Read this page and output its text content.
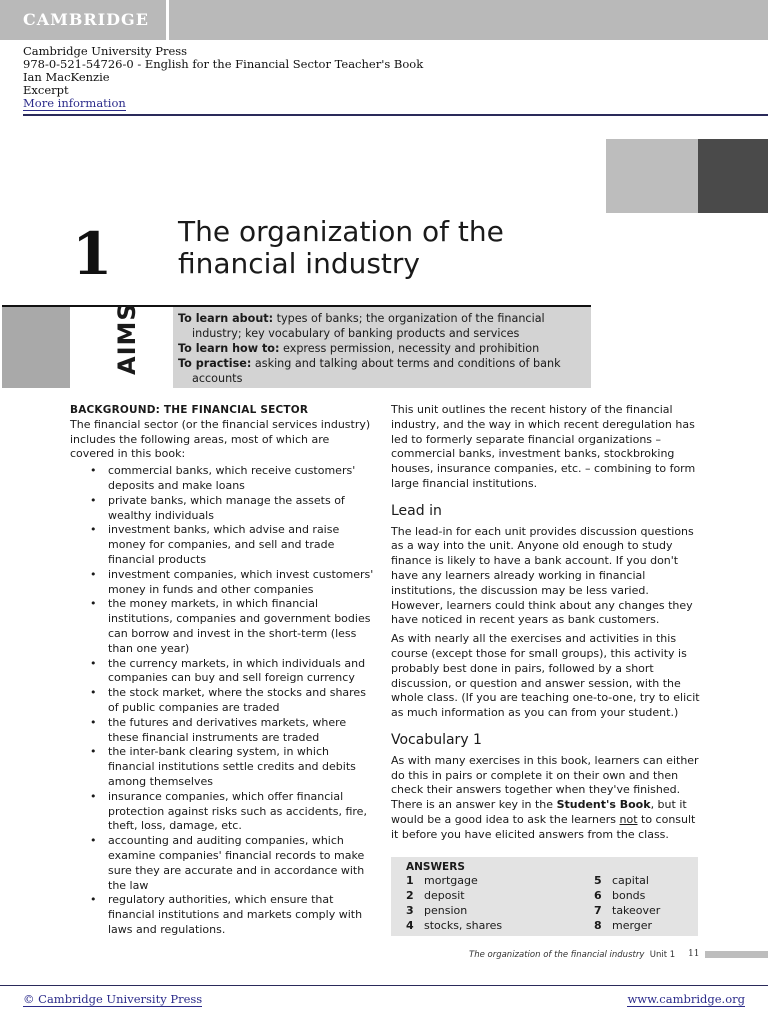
CAMBRIDGE
Cambridge University Press
978-0-521-54726-0 - English for the Financial Sector Teacher's Book
Ian MacKenzie
Excerpt
More information
1 The organization of the financial industry
AIMS	To learn about: types of banks; the organization of the financial industry; key vocabulary of banking products and services

To learn how to: express permission, necessity and prohibition

To practise: asking and talking about terms and conditions of bank accounts

BACKGROUND: THE FINANCIAL SECTOR

The financial sector (or the financial services industry) includes the following areas, most of which are covered in this book:

• commercial banks, which receive customers' deposits and make loans
• private banks, which manage the assets of wealthy individuals
• investment banks, which advise and raise money for companies, and sell and trade financial products
• investment companies, which invest customers' money in funds and other companies
• the money markets, in which financial institutions, companies and government bodies can borrow and invest in the short-term (less than one year)
• the currency markets, in which individuals and companies can buy and sell foreign currency
• the stock market, where the stocks and shares of public companies are traded
• the futures and derivatives markets, where these financial instruments are traded
• the inter-bank clearing system, in which financial institutions settle credits and debits among themselves
• insurance companies, which offer financial protection against risks such as accidents, fire, theft, loss, damage, etc.
• accounting and auditing companies, which examine companies' financial records to make sure they are accurate and in accordance with the law
• regulatory authorities, which ensure that financial institutions and markets comply with laws and regulations.

This unit outlines the recent history of the financial industry, and the way in which recent deregulation has led to formerly separate financial organizations – commercial banks, investment banks, stockbroking houses, insurance companies, etc. – combining to form large financial institutions.

Lead in

The lead-in for each unit provides discussion questions as a way into the unit. Anyone old enough to study finance is likely to have a bank account. If you don't have any learners already working in financial institutions, the discussion may be less varied. However, learners could think about any changes they have noticed in recent years as bank customers.

As with nearly all the exercises and activities in this course (except those for small groups), this activity is probably best done in pairs, followed by a short discussion, or question and answer session, with the whole class. (If you are teaching one-to-one, try to elicit as much information as you can from your student.)

Vocabulary 1

As with many exercises in this book, learners can either do this in pairs or complete it on their own and then check their answers together when they've finished. There is an answer key in the Student's Book, but it would be a good idea to ask the learners not to consult it before you have elicited answers from the class.

ANSWERS
1 mortgage
2 deposit
3 pension
4 stocks, shares
5 capital
6 bonds
7 takeover
8 merger
The organization of the financial industry Unit 1 11
© Cambridge University Press	www.cambridge.org
